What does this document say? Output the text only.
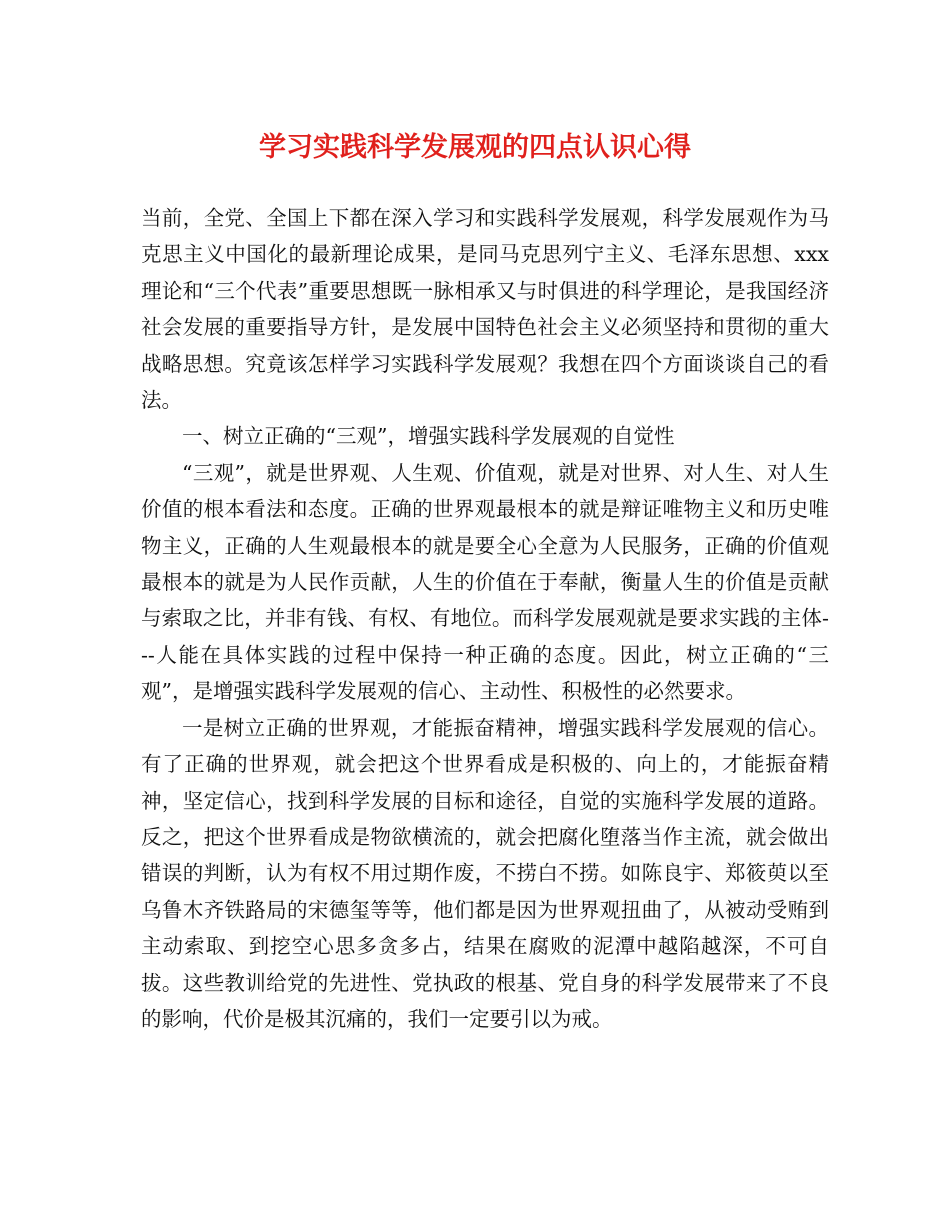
学习实践科学发展观的四点认识心得

当前，全党、全国上下都在深入学习和实践科学发展观，科学发展观作为马克思主义中国化的最新理论成果，是同马克思列宁主义、毛泽东思想、xxx理论和“三个代表”重要思想既一脉相承又与时俱进的科学理论，是我国经济社会发展的重要指导方针，是发展中国特色社会主义必须坚持和贯彻的重大战略思想。究竟该怎样学习实践科学发展观？我想在四个方面谈谈自己的看法。

一、树立正确的“三观”，增强实践科学发展观的自觉性

“三观”，就是世界观、人生观、价值观，就是对世界、对人生、对人生价值的根本看法和态度。正确的世界观最根本的就是辩证唯物主义和历史唯物主义，正确的人生观最根本的就是要全心全意为人民服务，正确的价值观最根本的就是为人民作贡献，人生的价值在于奉献，衡量人生的价值是贡献与索取之比，并非有钱、有权、有地位。而科学发展观就是要求实践的主体---人能在具体实践的过程中保持一种正确的态度。因此，树立正确的“三观”，是增强实践科学发展观的信心、主动性、积极性的必然要求。

一是树立正确的世界观，才能振奋精神，增强实践科学发展观的信心。有了正确的世界观，就会把这个世界看成是积极的、向上的，才能振奋精神，坚定信心，找到科学发展的目标和途径，自觉的实施科学发展的道路。反之，把这个世界看成是物欲横流的，就会把腐化堕落当作主流，就会做出错误的判断，认为有权不用过期作废，不捞白不捞。如陈良宇、郑筱萸以至乌鲁木齐铁路局的宋德玺等等，他们都是因为世界观扭曲了，从被动受贿到主动索取、到挖空心思多贪多占，结果在腐败的泥潭中越陷越深，不可自拔。这些教训给党的先进性、党执政的根基、党自身的科学发展带来了不良的影响，代价是极其沉痛的，我们一定要引以为戒。
